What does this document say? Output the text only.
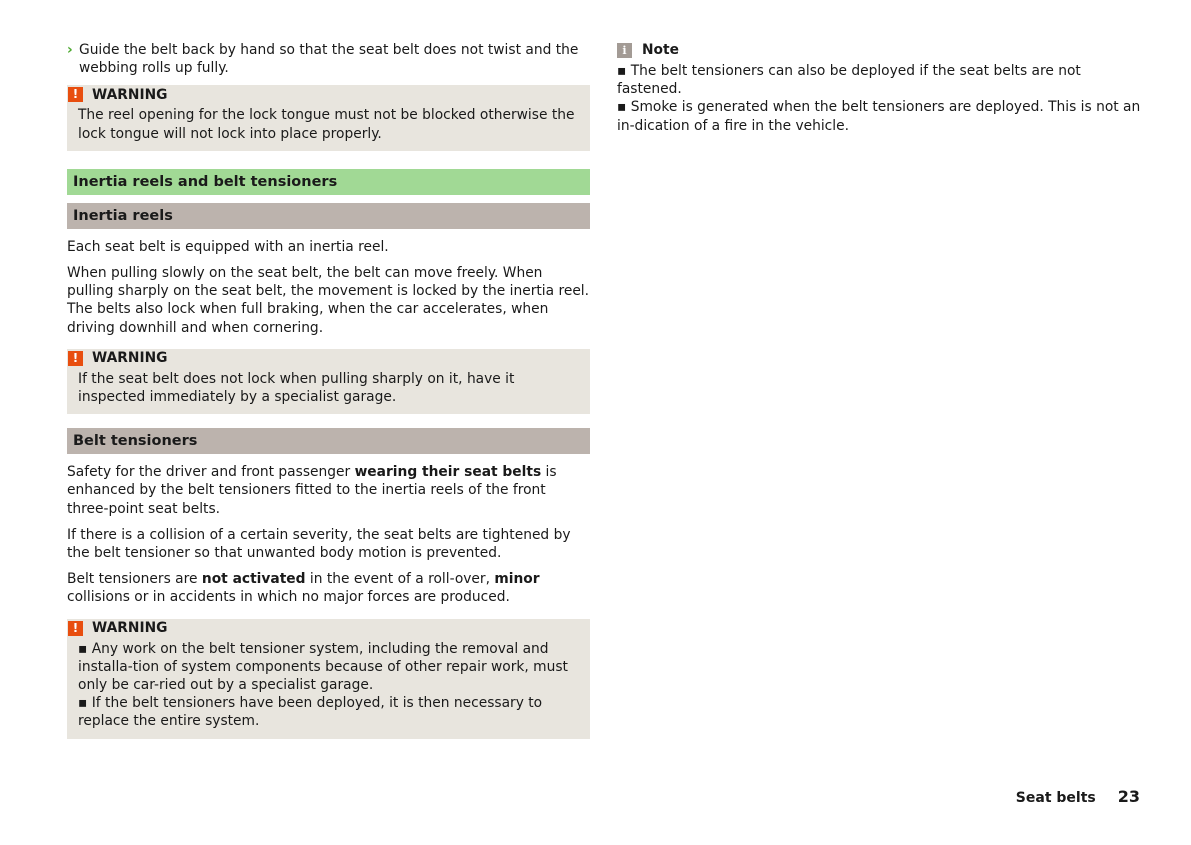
› Guide the belt back by hand so that the seat belt does not twist and the webbing rolls up fully.

! WARNING

The reel opening for the lock tongue must not be blocked otherwise the lock tongue will not lock into place properly.

Inertia reels and belt tensioners
Inertia reels

Each seat belt is equipped with an inertia reel.

When pulling slowly on the seat belt, the belt can move freely. When pulling sharply on the seat belt, the movement is locked by the inertia reel. The belts also lock when full braking, when the car accelerates, when driving downhill and when cornering.

! WARNING

If the seat belt does not lock when pulling sharply on it, have it inspected immediately by a specialist garage.

Belt tensioners

Safety for the driver and front passenger wearing their seat belts is enhanced by the belt tensioners fitted to the inertia reels of the front three-point seat belts.

If there is a collision of a certain severity, the seat belts are tightened by the belt tensioner so that unwanted body motion is prevented.

Belt tensioners are not activated in the event of a roll-over, minor collisions or in accidents in which no major forces are produced.

! WARNING

▪ Any work on the belt tensioner system, including the removal and installa-tion of system components because of other repair work, must only be car-ried out by a specialist garage.

▪ If the belt tensioners have been deployed, it is then necessary to replace the entire system.

i	Note

▪ The belt tensioners can also be deployed if the seat belts are not fastened.

▪ Smoke is generated when the belt tensioners are deployed. This is not an in-dication of a fire in the vehicle.

Seat belts 23
